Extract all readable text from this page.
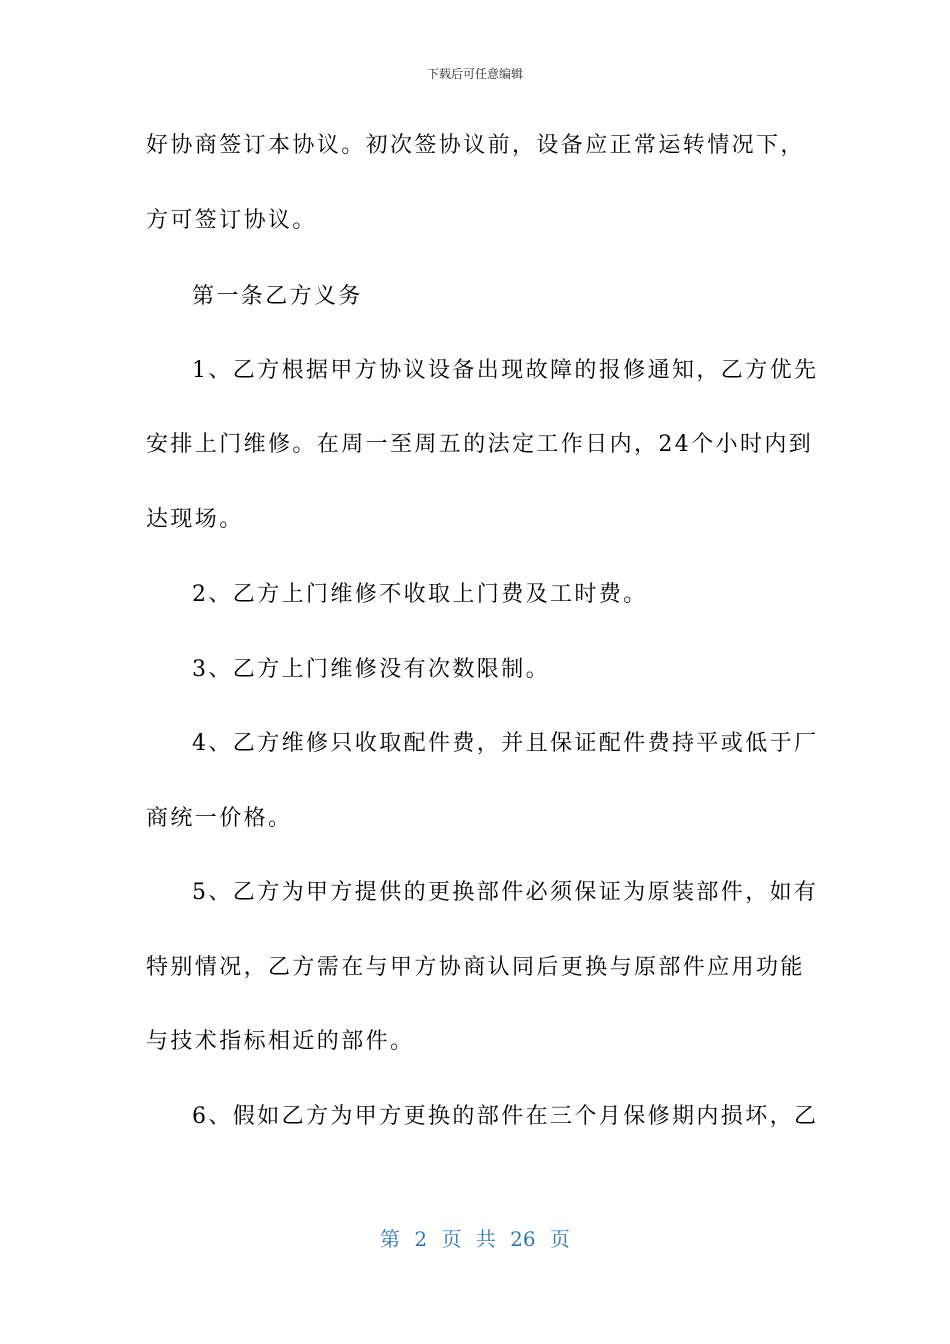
下载后可任意编辑
好协商签订本协议。初次签协议前，设备应正常运转情况下，
方可签订协议。
第一条乙方义务
1、乙方根据甲方协议设备出现故障的报修通知，乙方优先
安排上门维修。在周一至周五的法定工作日内，24个小时内到
达现场。
2、乙方上门维修不收取上门费及工时费。
3、乙方上门维修没有次数限制。
4、乙方维修只收取配件费，并且保证配件费持平或低于厂
商统一价格。
5、乙方为甲方提供的更换部件必须保证为原装部件，如有
特别情况，乙方需在与甲方协商认同后更换与原部件应用功能
与技术指标相近的部件。
6、假如乙方为甲方更换的部件在三个月保修期内损坏，乙
第 2 页 共 26 页
